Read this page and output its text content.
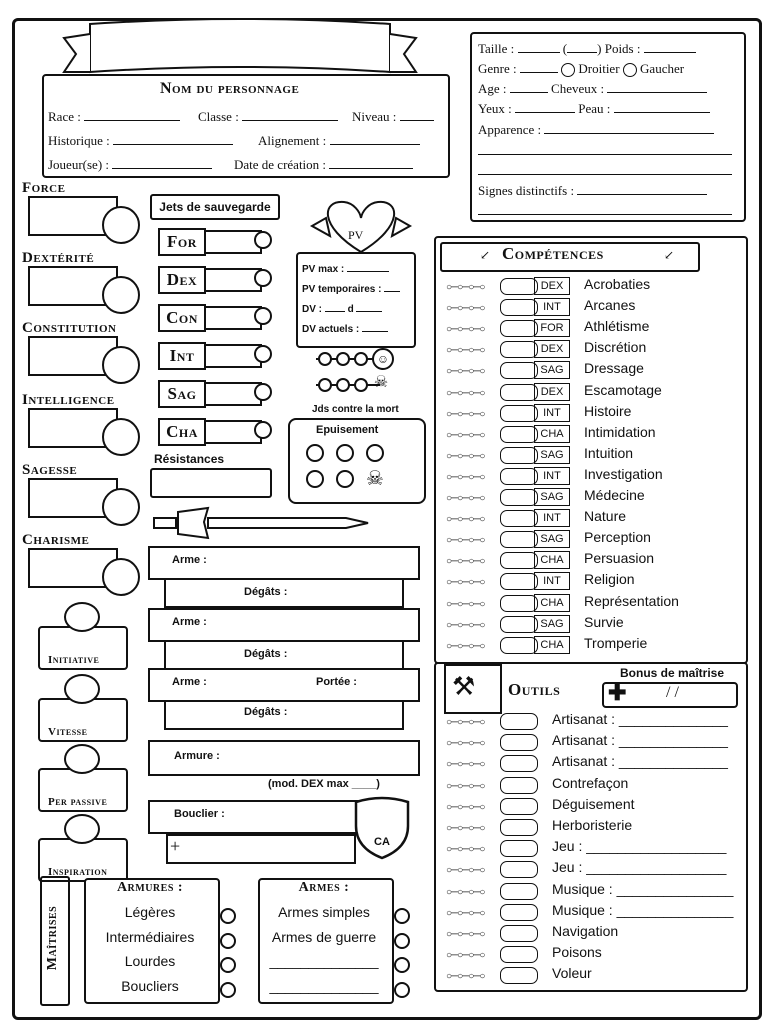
Nom du personnage
Race :	Classe :	Niveau :
Historique :	Alignement :
Joueur(se) :	Date de création :
Taille :	( ) Poids :
Genre :	Droitier Gaucher
Age :	Cheveux :
Yeux :	Peau :
Apparence :
Signes distinctifs :
Force
Dextérité
Constitution
Intelligence
Sagesse
Charisme
Jets de sauvegarde
For
Dex
Con
Int
Sag
Cha
Résistances
PV
PV max :
PV temporaires :
DV :	d
DV actuels :
☺
☠
Jds contre la mort
Epuisement
☠
Arme :
Dégâts :
Arme :
Dégâts :
Arme :	Portée :
Dégâts :
Armure :
(mod. DEX max ____)
Bouclier :
+	CA
Initiative
Vitesse
Per passive
Inspiration
Compétences
↙	↙
○─○─○─○	DEX	Acrobaties
○─○─○─○	INT	Arcanes
○─○─○─○	FOR	Athlétisme
○─○─○─○	DEX	Discrétion
○─○─○─○	SAG	Dressage
○─○─○─○	DEX	Escamotage
○─○─○─○	INT	Histoire
○─○─○─○	CHA	Intimidation
○─○─○─○	SAG	Intuition
○─○─○─○	INT	Investigation
○─○─○─○	SAG	Médecine
○─○─○─○	INT	Nature
○─○─○─○	SAG	Perception
○─○─○─○	CHA	Persuasion
○─○─○─○	INT	Religion
○─○─○─○	CHA	Représentation
○─○─○─○	SAG	Survie
○─○─○─○	CHA	Tromperie
⚒ Outils
Bonus de maîtrise
✚ / /
○─○─○─○	Artisanat : ______________
○─○─○─○	Artisanat : ______________
○─○─○─○	Artisanat : ______________
○─○─○─○	Contrefaçon
○─○─○─○	Déguisement
○─○─○─○	Herboristerie
○─○─○─○	Jeu : __________________
○─○─○─○	Jeu : __________________
○─○─○─○	Musique : _______________
○─○─○─○	Musique : _______________
○─○─○─○	Navigation
○─○─○─○	Poisons
○─○─○─○	Voleur
Maîtrises
Armures :
Légères
Intermédiaires
Lourdes
Boucliers
Armes :
Armes simples
Armes de guerre
______________
______________
